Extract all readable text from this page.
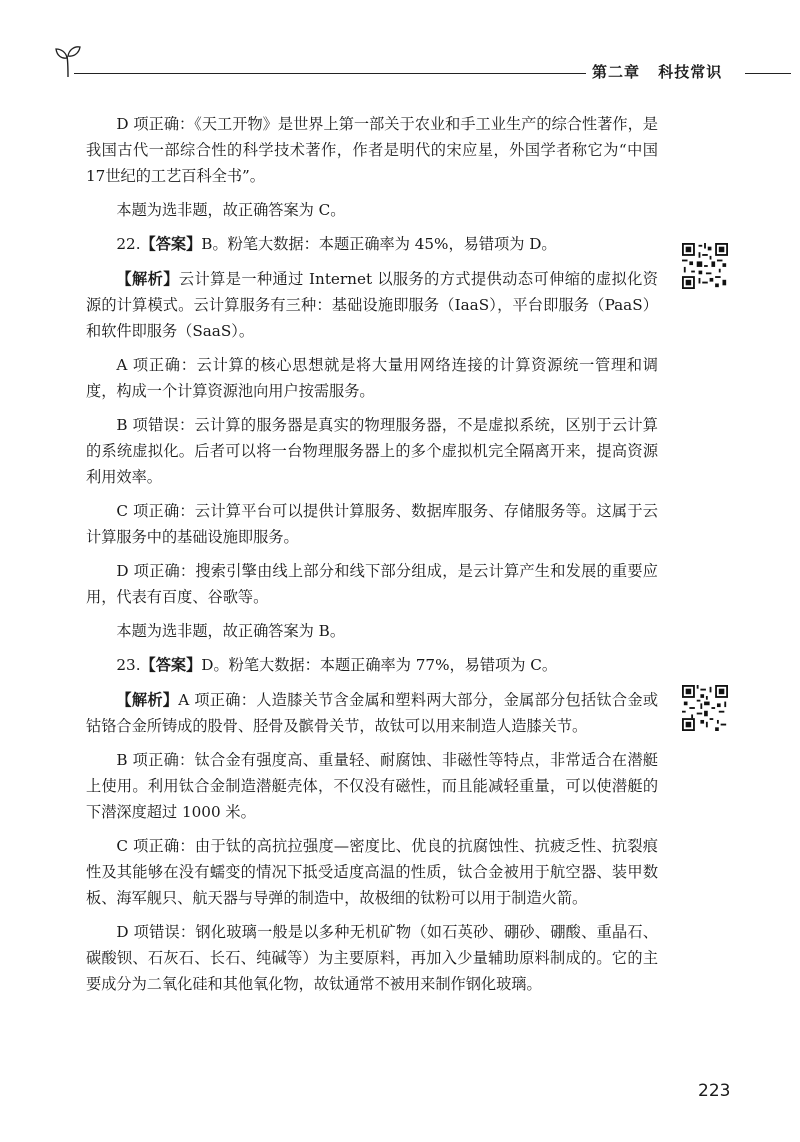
第二章 科技常识

D 项正确：《天工开物》是世界上第一部关于农业和手工业生产的综合性著作，是我国古代一部综合性的科学技术著作，作者是明代的宋应星，外国学者称它为“中国17世纪的工艺百科全书”。

本题为选非题，故正确答案为 C。

22.【答案】B。粉笔大数据：本题正确率为 45%，易错项为 D。

【解析】云计算是一种通过 Internet 以服务的方式提供动态可伸缩的虚拟化资源的计算模式。云计算服务有三种：基础设施即服务（IaaS），平台即服务（PaaS）和软件即服务（SaaS）。

A 项正确：云计算的核心思想就是将大量用网络连接的计算资源统一管理和调度，构成一个计算资源池向用户按需服务。

B 项错误：云计算的服务器是真实的物理服务器，不是虚拟系统，区别于云计算的系统虚拟化。后者可以将一台物理服务器上的多个虚拟机完全隔离开来，提高资源利用效率。

C 项正确：云计算平台可以提供计算服务、数据库服务、存储服务等。这属于云计算服务中的基础设施即服务。

D 项正确：搜索引擎由线上部分和线下部分组成，是云计算产生和发展的重要应用，代表有百度、谷歌等。

本题为选非题，故正确答案为 B。

23.【答案】D。粉笔大数据：本题正确率为 77%，易错项为 C。

【解析】A 项正确：人造膝关节含金属和塑料两大部分，金属部分包括钛合金或钴铬合金所铸成的股骨、胫骨及髌骨关节，故钛可以用来制造人造膝关节。

B 项正确：钛合金有强度高、重量轻、耐腐蚀、非磁性等特点，非常适合在潜艇上使用。利用钛合金制造潜艇壳体，不仅没有磁性，而且能减轻重量，可以使潜艇的下潜深度超过 1000 米。

C 项正确：由于钛的高抗拉强度—密度比、优良的抗腐蚀性、抗疲乏性、抗裂痕性及其能够在没有蠕变的情况下抵受适度高温的性质，钛合金被用于航空器、装甲数板、海军舰只、航天器与导弹的制造中，故极细的钛粉可以用于制造火箭。

D 项错误：钢化玻璃一般是以多种无机矿物（如石英砂、硼砂、硼酸、重晶石、碳酸钡、石灰石、长石、纯碱等）为主要原料，再加入少量辅助原料制成的。它的主要成分为二氧化硅和其他氧化物，故钛通常不被用来制作钢化玻璃。

223
